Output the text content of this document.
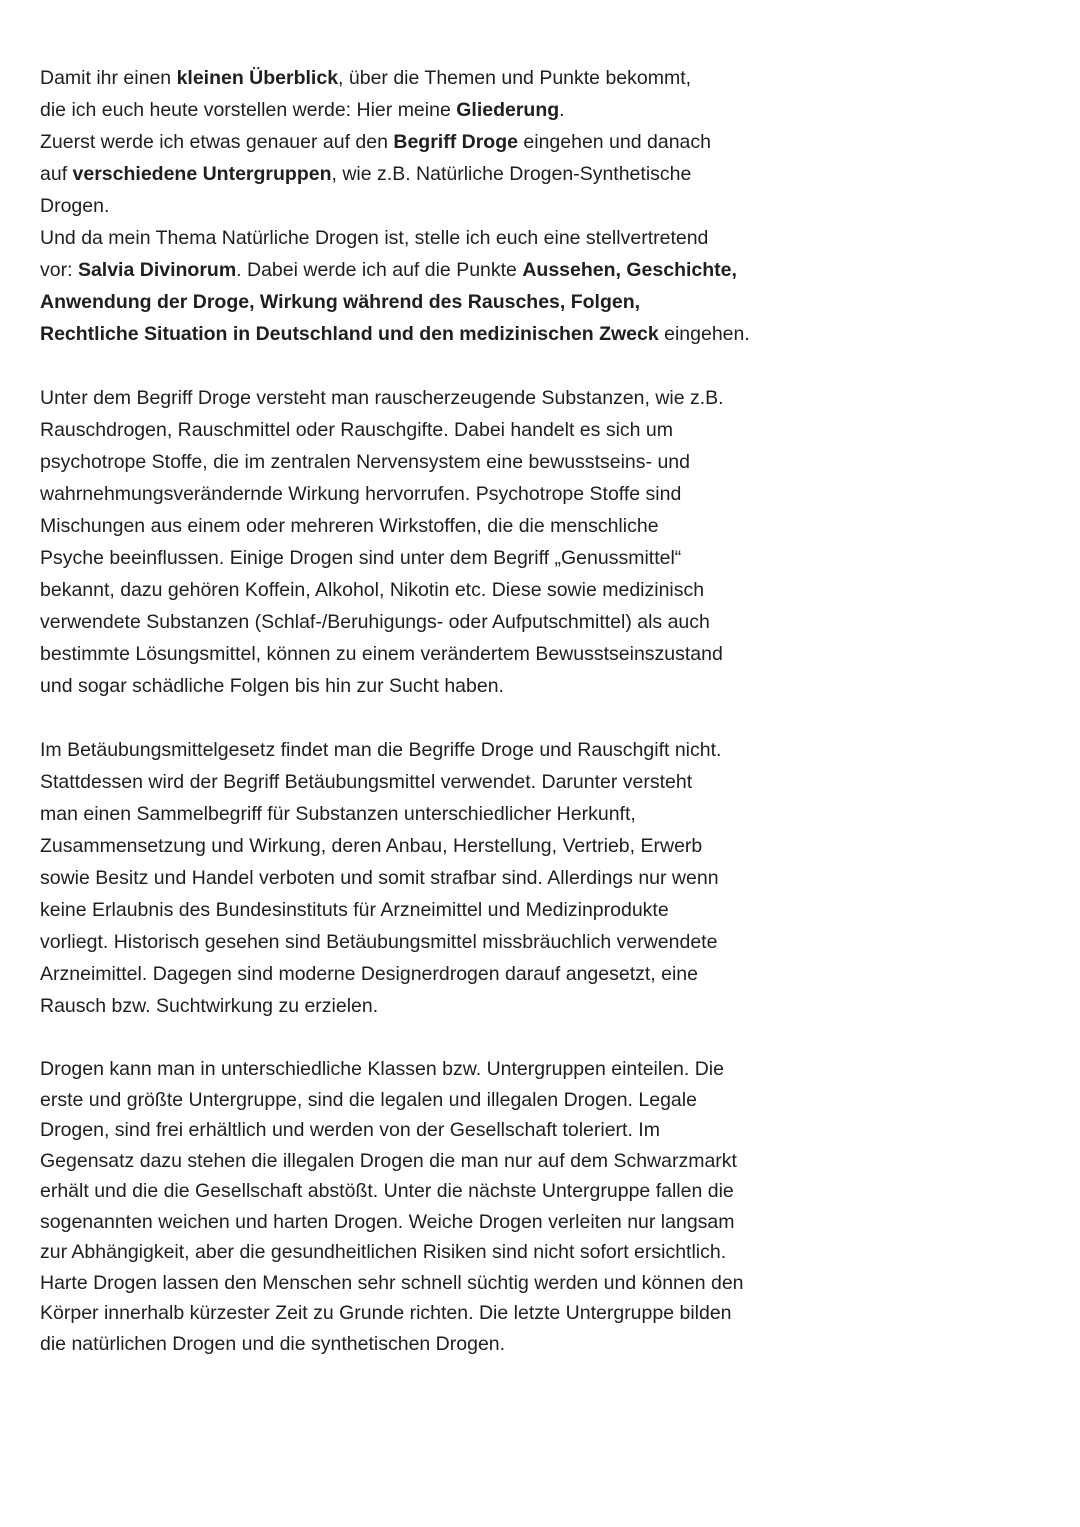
Damit ihr einen kleinen Überblick, über die Themen und Punkte bekommt,
die ich euch heute vorstellen werde: Hier meine Gliederung.
Zuerst werde ich etwas genauer auf den Begriff Droge eingehen und danach
auf verschiedene Untergruppen, wie z.B. Natürliche Drogen-Synthetische
Drogen.
Und da mein Thema Natürliche Drogen ist, stelle ich euch eine stellvertretend
vor: Salvia Divinorum. Dabei werde ich auf die Punkte Aussehen, Geschichte,
Anwendung der Droge, Wirkung während des Rausches, Folgen,
Rechtliche Situation in Deutschland und den medizinischen Zweck eingehen.

Unter dem Begriff Droge versteht man rauscherzeugende Substanzen, wie z.B.
Rauschdrogen, Rauschmittel oder Rauschgifte. Dabei handelt es sich um
psychotrope Stoffe, die im zentralen Nervensystem eine bewusstseins- und
wahrnehmungsverändernde Wirkung hervorrufen. Psychotrope Stoffe sind
Mischungen aus einem oder mehreren Wirkstoffen, die die menschliche
Psyche beeinflussen. Einige Drogen sind unter dem Begriff „Genussmittel“
bekannt, dazu gehören Koffein, Alkohol, Nikotin etc. Diese sowie medizinisch
verwendete Substanzen (Schlaf-/Beruhigungs- oder Aufputschmittel) als auch
bestimmte Lösungsmittel, können zu einem verändertem Bewusstseinszustand
und sogar schädliche Folgen bis hin zur Sucht haben.

Im Betäubungsmittelgesetz findet man die Begriffe Droge und Rauschgift nicht.
Stattdessen wird der Begriff Betäubungsmittel verwendet. Darunter versteht
man einen Sammelbegriff für Substanzen unterschiedlicher Herkunft,
Zusammensetzung und Wirkung, deren Anbau, Herstellung, Vertrieb, Erwerb
sowie Besitz und Handel verboten und somit strafbar sind. Allerdings nur wenn
keine Erlaubnis des Bundesinstituts für Arzneimittel und Medizinprodukte
vorliegt. Historisch gesehen sind Betäubungsmittel missbräuchlich verwendete
Arzneimittel. Dagegen sind moderne Designerdrogen darauf angesetzt, eine
Rausch bzw. Suchtwirkung zu erzielen.

Drogen kann man in unterschiedliche Klassen bzw. Untergruppen einteilen. Die
erste und größte Untergruppe, sind die legalen und illegalen Drogen. Legale
Drogen, sind frei erhältlich und werden von der Gesellschaft toleriert. Im
Gegensatz dazu stehen die illegalen Drogen die man nur auf dem Schwarzmarkt
erhält und die die Gesellschaft abstößt. Unter die nächste Untergruppe fallen die
sogenannten weichen und harten Drogen. Weiche Drogen verleiten nur langsam
zur Abhängigkeit, aber die gesundheitlichen Risiken sind nicht sofort ersichtlich.
Harte Drogen lassen den Menschen sehr schnell süchtig werden und können den
Körper innerhalb kürzester Zeit zu Grunde richten. Die letzte Untergruppe bilden
die natürlichen Drogen und die synthetischen Drogen.
